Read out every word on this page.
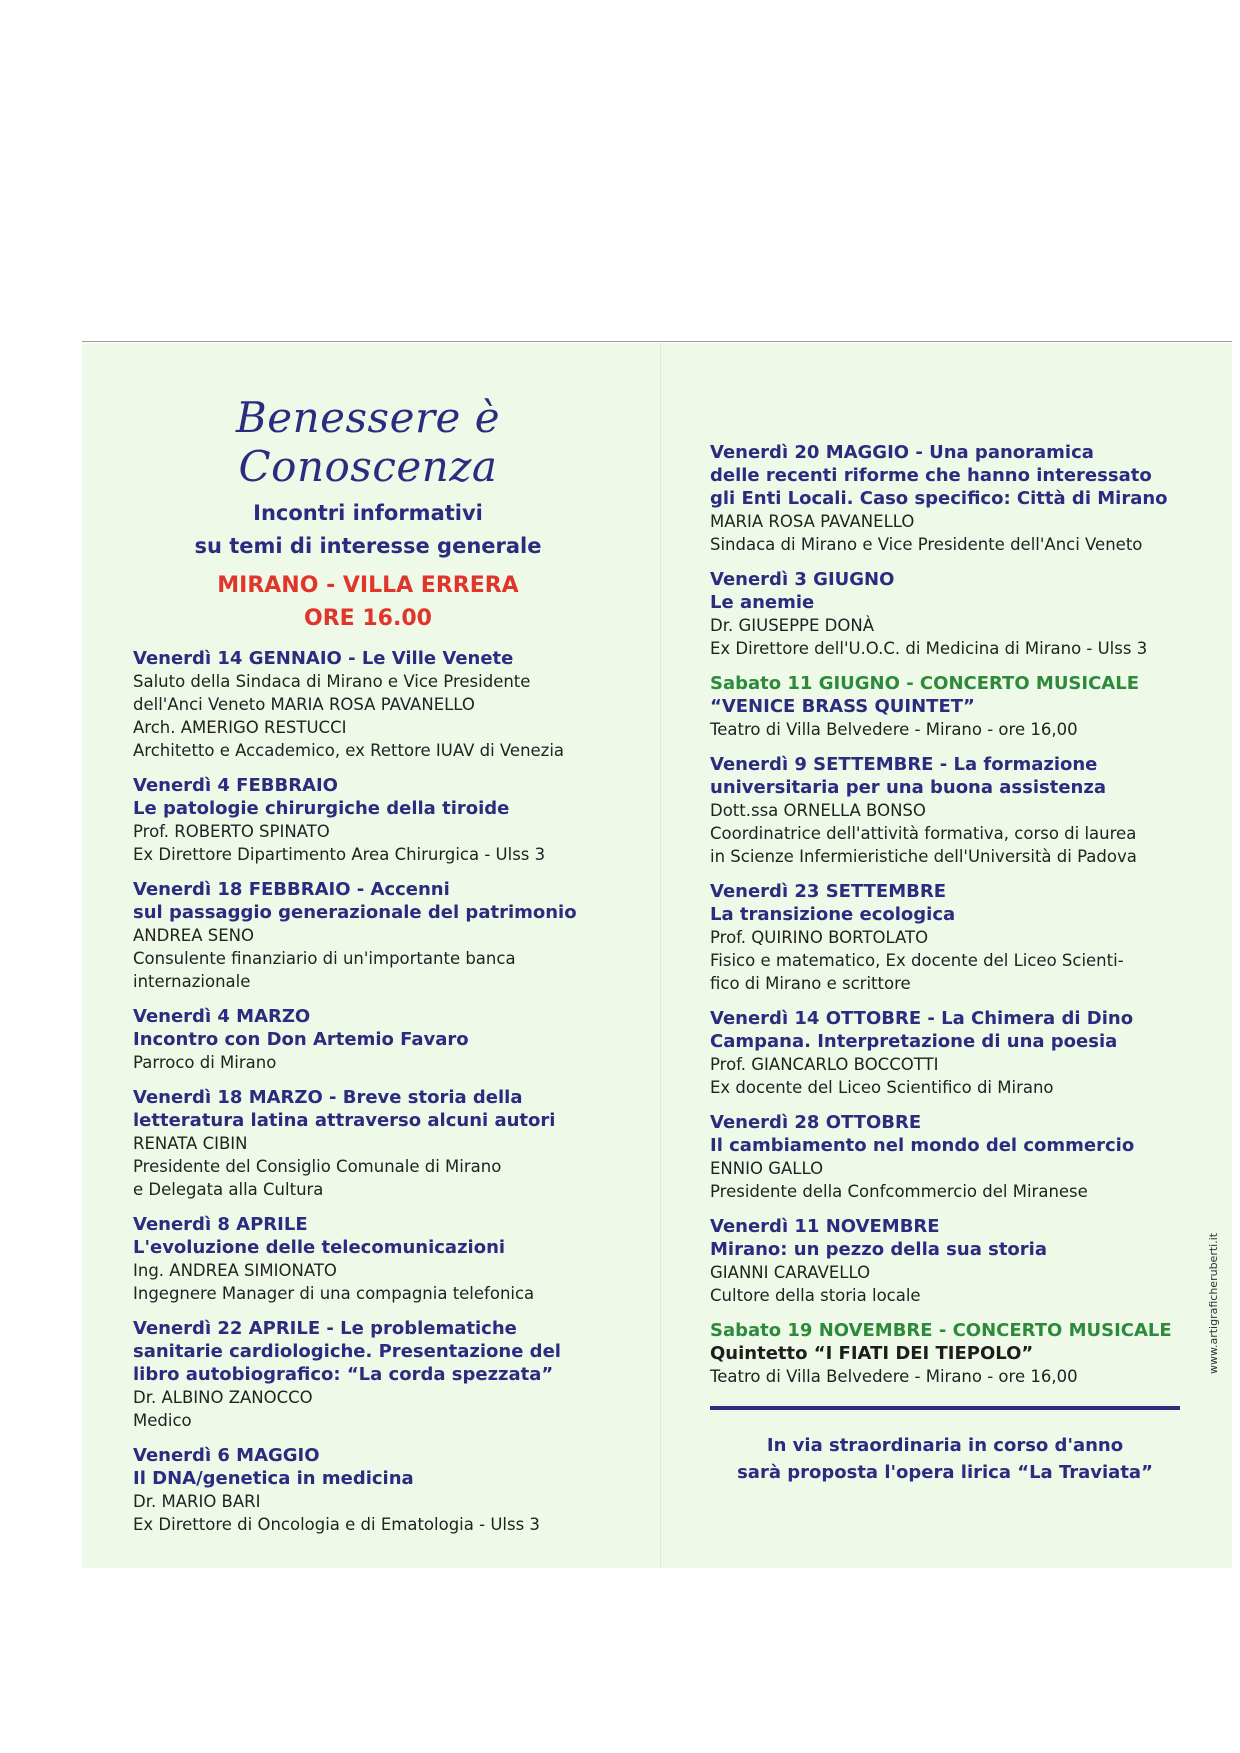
Benessere è Conoscenza
Incontri informativi
su temi di interesse generale
MIRANO - VILLA ERRERA
ORE 16.00
Venerdì 14 GENNAIO - Le Ville Venete
Saluto della Sindaca di Mirano e Vice Presidente
dell'Anci Veneto MARIA ROSA PAVANELLO
Arch. AMERIGO RESTUCCI
Architetto e Accademico, ex Rettore IUAV di Venezia
Venerdì 4 FEBBRAIO
Le patologie chirurgiche della tiroide
Prof. ROBERTO SPINATO
Ex Direttore Dipartimento Area Chirurgica - Ulss 3
Venerdì 18 FEBBRAIO - Accenni
sul passaggio generazionale del patrimonio
ANDREA SENO
Consulente finanziario di un'importante banca
internazionale
Venerdì 4 MARZO
Incontro con Don Artemio Favaro
Parroco di Mirano
Venerdì 18 MARZO - Breve storia della
letteratura latina attraverso alcuni autori
RENATA CIBIN
Presidente del Consiglio Comunale di Mirano
e Delegata alla Cultura
Venerdì 8 APRILE
L'evoluzione delle telecomunicazioni
Ing. ANDREA SIMIONATO
Ingegnere Manager di una compagnia telefonica
Venerdì 22 APRILE - Le problematiche
sanitarie cardiologiche. Presentazione del
libro autobiografico: “La corda spezzata”
Dr. ALBINO ZANOCCO
Medico
Venerdì 6 MAGGIO
Il DNA/genetica in medicina
Dr. MARIO BARI
Ex Direttore di Oncologia e di Ematologia - Ulss 3
Venerdì 20 MAGGIO - Una panoramica
delle recenti riforme che hanno interessato
gli Enti Locali. Caso specifico: Città di Mirano
MARIA ROSA PAVANELLO
Sindaca di Mirano e Vice Presidente dell'Anci Veneto
Venerdì 3 GIUGNO
Le anemie
Dr. GIUSEPPE DONÀ
Ex Direttore dell'U.O.C. di Medicina di Mirano - Ulss 3
Sabato 11 GIUGNO - CONCERTO MUSICALE
“VENICE BRASS QUINTET”
Teatro di Villa Belvedere - Mirano - ore 16,00
Venerdì 9 SETTEMBRE - La formazione
universitaria per una buona assistenza
Dott.ssa ORNELLA BONSO
Coordinatrice dell'attività formativa, corso di laurea
in Scienze Infermieristiche dell'Università di Padova
Venerdì 23 SETTEMBRE
La transizione ecologica
Prof. QUIRINO BORTOLATO
Fisico e matematico, Ex docente del Liceo Scienti-
fico di Mirano e scrittore
Venerdì 14 OTTOBRE - La Chimera di Dino
Campana. Interpretazione di una poesia
Prof. GIANCARLO BOCCOTTI
Ex docente del Liceo Scientifico di Mirano
Venerdì 28 OTTOBRE
Il cambiamento nel mondo del commercio
ENNIO GALLO
Presidente della Confcommercio del Miranese
Venerdì 11 NOVEMBRE
Mirano: un pezzo della sua storia
GIANNI CARAVELLO
Cultore della storia locale
Sabato 19 NOVEMBRE - CONCERTO MUSICALE
Quintetto “I FIATI DEI TIEPOLO”
Teatro di Villa Belvedere - Mirano - ore 16,00
In via straordinaria in corso d'anno
sarà proposta l'opera lirica “La Traviata”
www.artigraficheruberti.it
